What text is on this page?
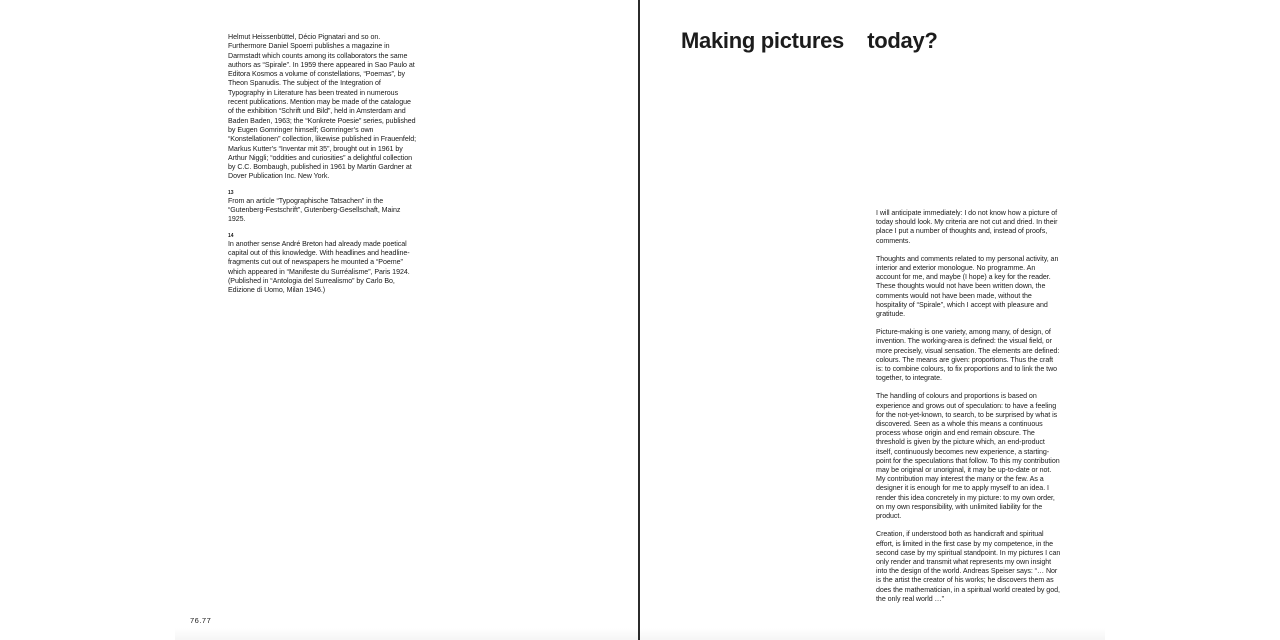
Helmut Heissenbüttel, Décio Pignatari and so on. Furthermore Daniel Spoerri publishes a magazine in Darmstadt which counts among its collaborators the same authors as “Spirale”. In 1959 there appeared in Sao Paulo at Editora Kosmos a volume of constellations, “Poemas”, by Theon Spanudis. The subject of the Integration of Typography in Literature has been treated in numerous recent publications. Mention may be made of the catalogue of the exhibition “Schrift und Bild”, held in Amsterdam and Baden Baden, 1963; the “Konkrete Poesie” series, published by Eugen Gomringer himself; Gomringer’s own “Konstellationen” collection, likewise published in Frauenfeld; Markus Kutter’s “Inventar mit 35”, brought out in 1961 by Arthur Niggli; “oddities and curiosities” a delightful collection by C.C. Bombaugh, published in 1961 by Martin Gardner at Dover Publication Inc. New York.

13

From an article “Typographische Tatsachen” in the “Gutenberg-Festschrift”, Gutenberg-Gesellschaft, Mainz 1925.

14

In another sense André Breton had already made poetical capital out of this knowledge. With headlines and headline-fragments cut out of newspapers he mounted a “Poeme” which appeared in “Manifeste du Surréalisme”, Paris 1924. (Published in “Antologia del Surrealismo” by Carlo Bo, Edizione di Uomo, Milan 1946.)

76.77
Making pictures    today?

I will anticipate immediately: I do not know how a picture of today should look. My criteria are not cut and dried. In their place I put a number of thoughts and, instead of proofs, comments.

Thoughts and comments related to my personal activity, an interior and exterior monologue. No programme. An account for me, and maybe (I hope) a key for the reader. These thoughts would not have been written down, the comments would not have been made, without the hospitality of “Spirale”, which I accept with pleasure and gratitude.

Picture-making is one variety, among many, of design, of invention. The working-area is defined: the visual field, or more precisely, visual sensation. The elements are defined: colours. The means are given: proportions. Thus the craft is: to combine colours, to fix proportions and to link the two together, to integrate.

The handling of colours and proportions is based on experience and grows out of speculation: to have a feeling for the not-yet-known, to search, to be surprised by what is discovered. Seen as a whole this means a continuous process whose origin and end remain obscure. The threshold is given by the picture which, an end-product itself, continuously becomes new experience, a starting-point for the speculations that follow. To this my contribution may be original or unoriginal, it may be up-to-date or not. My contribution may interest the many or the few. As a designer it is enough for me to apply myself to an idea. I render this idea concretely in my picture: to my own order, on my own responsibility, with unlimited liability for the product.

Creation, if understood both as handicraft and spiritual effort, is limited in the first case by my competence, in the second case by my spiritual standpoint. In my pictures I can only render and transmit what represents my own insight into the design of the world. Andreas Speiser says: “… Nor is the artist the creator of his works; he discovers them as does the mathematician, in a spiritual world created by god, the only real world …”
